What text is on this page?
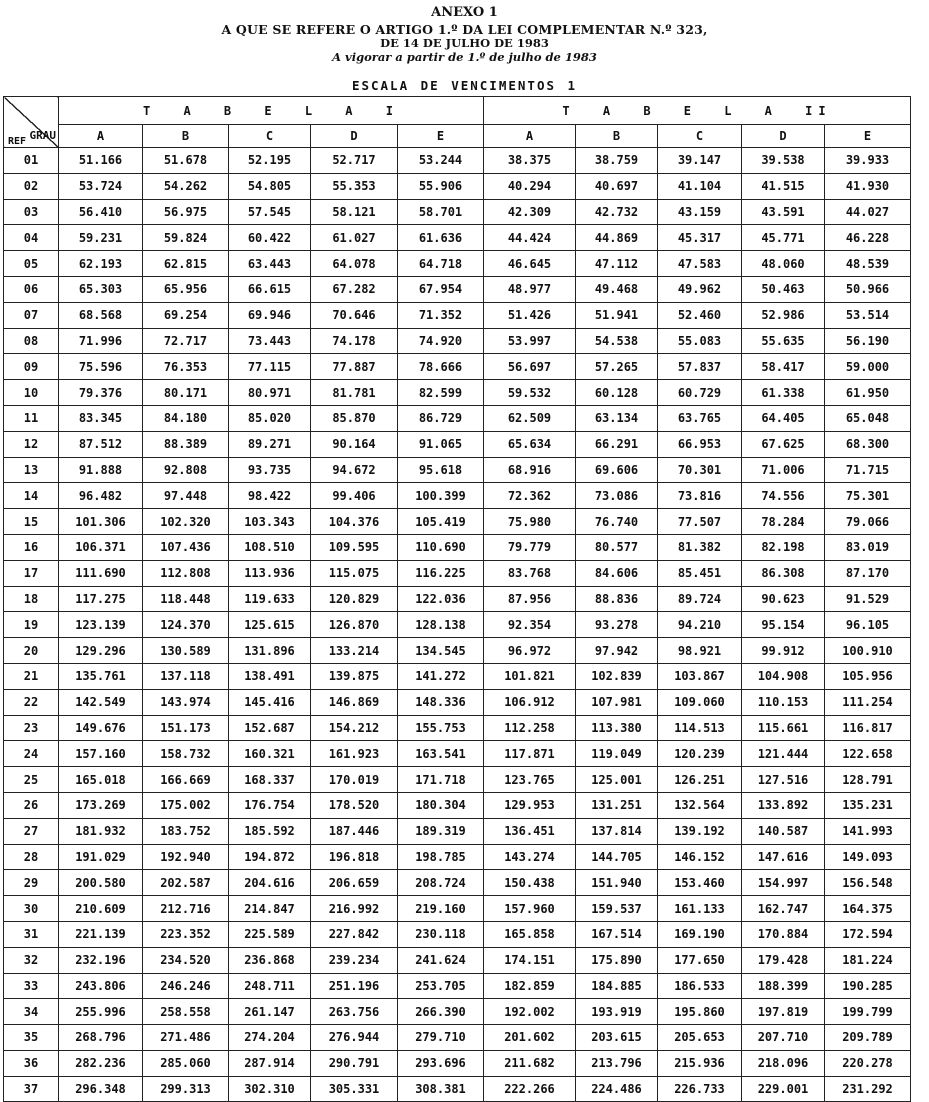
ANEXO 1
A QUE SE REFERE O ARTIGO 1.º DA LEI COMPLEMENTAR N.º 323,
DE 14 DE JULHO DE 1983
A vigorar a partir de 1.º de julho de 1983
ESCALA DE VENCIMENTOS 1
GRAU
REF	T A B E L A I					T A B E L A II				
	A	B	C	D	E	A	B	C	D	E
01	51.166	51.678	52.195	52.717	53.244	38.375	38.759	39.147	39.538	39.933
02	53.724	54.262	54.805	55.353	55.906	40.294	40.697	41.104	41.515	41.930
03	56.410	56.975	57.545	58.121	58.701	42.309	42.732	43.159	43.591	44.027
04	59.231	59.824	60.422	61.027	61.636	44.424	44.869	45.317	45.771	46.228
05	62.193	62.815	63.443	64.078	64.718	46.645	47.112	47.583	48.060	48.539
06	65.303	65.956	66.615	67.282	67.954	48.977	49.468	49.962	50.463	50.966
07	68.568	69.254	69.946	70.646	71.352	51.426	51.941	52.460	52.986	53.514
08	71.996	72.717	73.443	74.178	74.920	53.997	54.538	55.083	55.635	56.190
09	75.596	76.353	77.115	77.887	78.666	56.697	57.265	57.837	58.417	59.000
10	79.376	80.171	80.971	81.781	82.599	59.532	60.128	60.729	61.338	61.950
11	83.345	84.180	85.020	85.870	86.729	62.509	63.134	63.765	64.405	65.048
12	87.512	88.389	89.271	90.164	91.065	65.634	66.291	66.953	67.625	68.300
13	91.888	92.808	93.735	94.672	95.618	68.916	69.606	70.301	71.006	71.715
14	96.482	97.448	98.422	99.406	100.399	72.362	73.086	73.816	74.556	75.301
15	101.306	102.320	103.343	104.376	105.419	75.980	76.740	77.507	78.284	79.066
16	106.371	107.436	108.510	109.595	110.690	79.779	80.577	81.382	82.198	83.019
17	111.690	112.808	113.936	115.075	116.225	83.768	84.606	85.451	86.308	87.170
18	117.275	118.448	119.633	120.829	122.036	87.956	88.836	89.724	90.623	91.529
19	123.139	124.370	125.615	126.870	128.138	92.354	93.278	94.210	95.154	96.105
20	129.296	130.589	131.896	133.214	134.545	96.972	97.942	98.921	99.912	100.910
21	135.761	137.118	138.491	139.875	141.272	101.821	102.839	103.867	104.908	105.956
22	142.549	143.974	145.416	146.869	148.336	106.912	107.981	109.060	110.153	111.254
23	149.676	151.173	152.687	154.212	155.753	112.258	113.380	114.513	115.661	116.817
24	157.160	158.732	160.321	161.923	163.541	117.871	119.049	120.239	121.444	122.658
25	165.018	166.669	168.337	170.019	171.718	123.765	125.001	126.251	127.516	128.791
26	173.269	175.002	176.754	178.520	180.304	129.953	131.251	132.564	133.892	135.231
27	181.932	183.752	185.592	187.446	189.319	136.451	137.814	139.192	140.587	141.993
28	191.029	192.940	194.872	196.818	198.785	143.274	144.705	146.152	147.616	149.093
29	200.580	202.587	204.616	206.659	208.724	150.438	151.940	153.460	154.997	156.548
30	210.609	212.716	214.847	216.992	219.160	157.960	159.537	161.133	162.747	164.375
31	221.139	223.352	225.589	227.842	230.118	165.858	167.514	169.190	170.884	172.594
32	232.196	234.520	236.868	239.234	241.624	174.151	175.890	177.650	179.428	181.224
33	243.806	246.246	248.711	251.196	253.705	182.859	184.885	186.533	188.399	190.285
34	255.996	258.558	261.147	263.756	266.390	192.002	193.919	195.860	197.819	199.799
35	268.796	271.486	274.204	276.944	279.710	201.602	203.615	205.653	207.710	209.789
36	282.236	285.060	287.914	290.791	293.696	211.682	213.796	215.936	218.096	220.278
37	296.348	299.313	302.310	305.331	308.381	222.266	224.486	226.733	229.001	231.292
